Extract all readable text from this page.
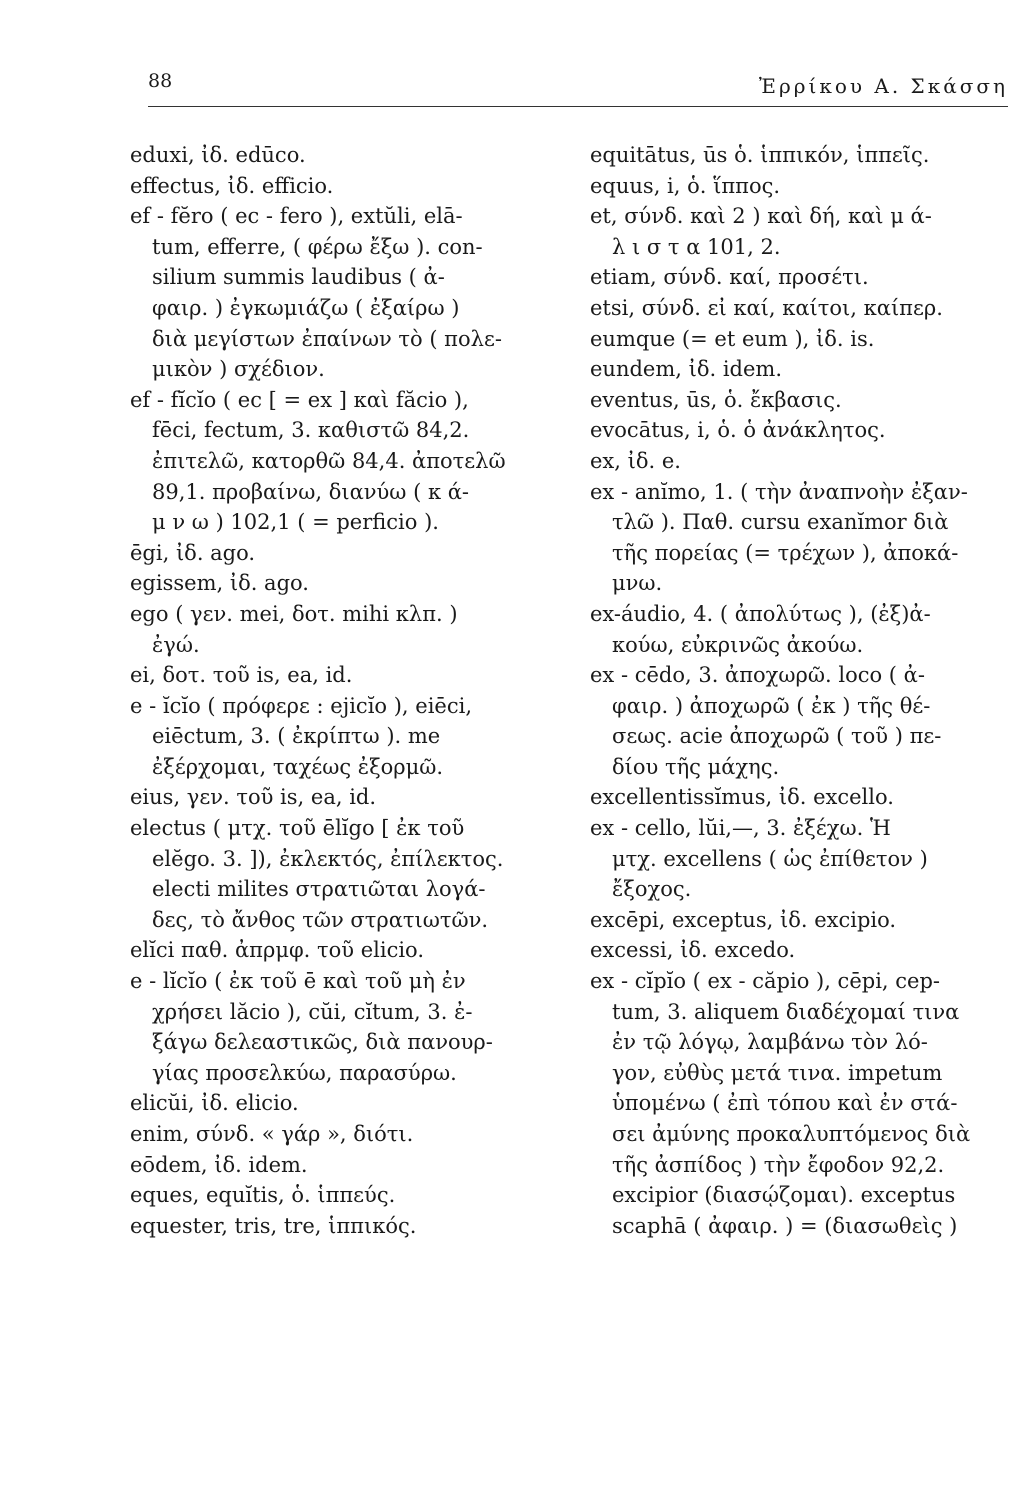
88	Ἐρρίκου Α. Σκάσση
eduxi, ἰδ. edūco.
effectus, ἰδ. efficio.
ef - fĕro ( ec - fero ), extŭli, elā-
tum, efferre, ( φέρω ἔξω ). con-
silium summis laudibus ( ἀ-
φαιρ. ) ἐγκωμιάζω ( ἐξαίρω )
διὰ μεγίστων ἐπαίνων τὸ ( πολε-
μικὸν ) σχέδιον.
ef - fĭcĭo ( ec [ = ex ] καὶ făcio ),
fēci, fectum, 3. καθιστῶ 84,2.
ἐπιτελῶ, κατορθῶ 84,4. ἀποτελῶ
89,1. προβαίνω, διανύω ( κ ά-
μ ν ω ) 102,1 ( = perficio ).
ēgi, ἰδ. ago.
egissem, ἰδ. ago.
ego ( γεν. mei, δοτ. mihi κλπ. )
ἐγώ.
ei, δοτ. τοῦ is, ea, id.
e - ĭcĭo ( πρόφερε : ejicĭo ), eiēci,
eiēctum, 3. ( ἐκρίπτω ). me
ἐξέρχομαι, ταχέως ἐξορμῶ.
eius, γεν. τοῦ is, ea, id.
electus ( μτχ. τοῦ ēlĭgo [ ἐκ τοῦ
elĕgo. 3. ]), ἐκλεκτός, ἐπίλεκτος.
electi milites στρατιῶται λογά-
δες, τὸ ἄνθος τῶν στρατιωτῶν.
elĭci παθ. ἀπρμφ. τοῦ elicio.
e - lĭcĭo ( ἐκ τοῦ ē καὶ τοῦ μὴ ἐν
χρήσει lăcio ), cŭi, cĭtum, 3. ἐ-
ξάγω δελεαστικῶς, διὰ πανουρ-
γίας προσελκύω, παρασύρω.
elicŭi, ἰδ. elicio.
enim, σύνδ. « γάρ », διότι.
eōdem, ἰδ. idem.
eques, equĭtis, ὁ. ἱππεύς.
equester, tris, tre, ἱππικός.
equitātus, ūs ὁ. ἱππικόν, ἱππεῖς.
equus, i, ὁ. ἵππος.
et, σύνδ. καὶ 2 ) καὶ δή, καὶ μ ά-
λ ι σ τ α 101, 2.
etiam, σύνδ. καί, προσέτι.
etsi, σύνδ. εἰ καί, καίτοι, καίπερ.
eumque (= et eum ), ἰδ. is.
eundem, ἰδ. idem.
eventus, ūs, ὁ. ἔκβασις.
evocātus, i, ὁ. ὁ ἀνάκλητος.
ex, ἰδ. e.
ex - anĭmo, 1. ( τὴν ἀναπνοὴν ἐξαν-
τλῶ ). Παθ. cursu exanĭmor διὰ
τῆς πορείας (= τρέχων ), ἀποκά-
μνω.
ex-áudio, 4. ( ἀπολύτως ), (ἐξ)ἀ-
κούω, εὐκρινῶς ἀκούω.
ex - cēdo, 3. ἀποχωρῶ. loco ( ἀ-
φαιρ. ) ἀποχωρῶ ( ἐκ ) τῆς θέ-
σεως. acie ἀποχωρῶ ( τοῦ ) πε-
δίου τῆς μάχης.
excellentissĭmus, ἰδ. excello.
ex - cello, lŭi,—, 3. ἐξέχω. Ἡ
μτχ. excellens ( ὡς ἐπίθετον )
ἔξοχος.
excēpi, exceptus, ἰδ. excipio.
excessi, ἰδ. excedo.
ex - cĭpĭo ( ex - căpio ), cēpi, cep-
tum, 3. aliquem διαδέχομαί τινα
ἐν τῷ λόγῳ, λαμβάνω τὸν λό-
γον, εὐθὺς μετά τινα. impetum
ὑπομένω ( ἐπὶ τόπου καὶ ἐν στά-
σει ἀμύνης προκαλυπτόμενος διὰ
τῆς ἀσπίδος ) τὴν ἔφοδον 92,2.
excipior (διασῴζομαι). exceptus
scaphā ( ἀφαιρ. ) = (διασωθεὶς )
